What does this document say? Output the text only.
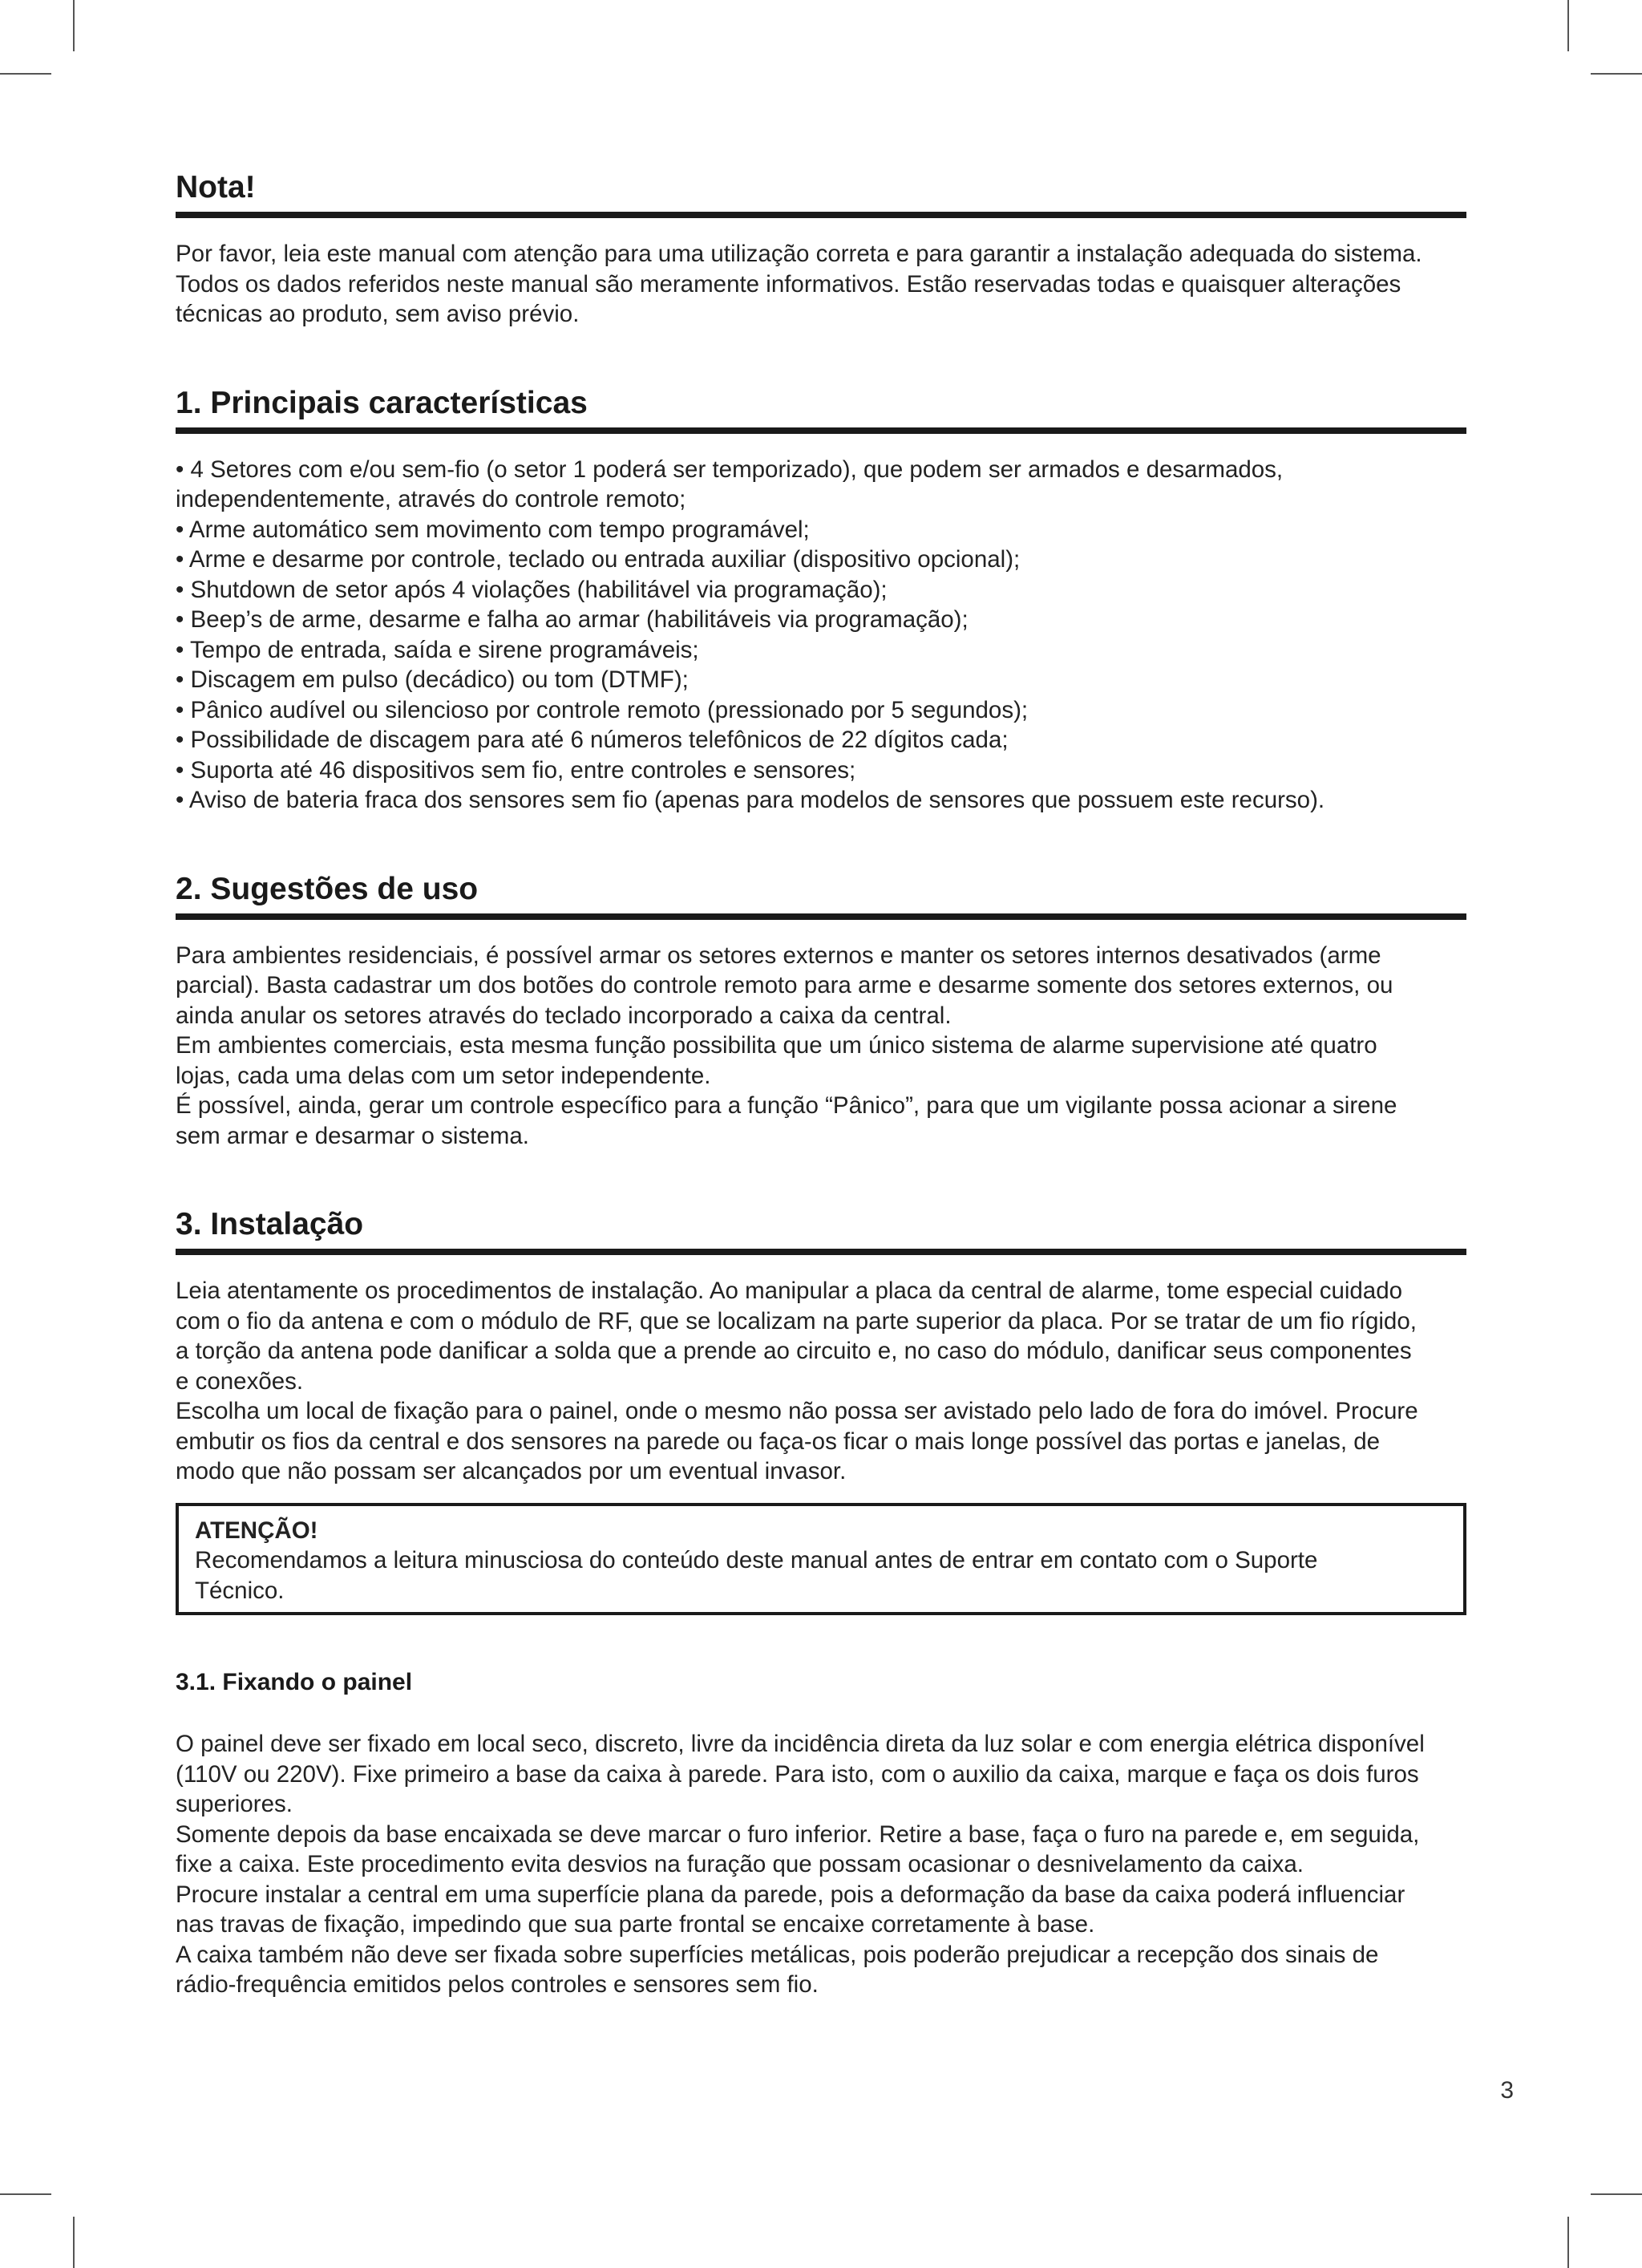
Nota!

Por favor, leia este manual com atenção para uma utilização correta e para garantir a instalação adequada do sistema.

Todos os dados referidos neste manual são meramente informativos. Estão reservadas todas e quaisquer alterações

técnicas ao produto, sem aviso prévio.

1. Principais características

• 4 Setores com e/ou sem-fio (o setor 1 poderá ser temporizado), que podem ser armados e desarmados,

independentemente, através do controle remoto;

• Arme automático sem movimento com tempo programável;

• Arme e desarme por controle, teclado ou entrada auxiliar (dispositivo opcional);

• Shutdown de setor após 4 violações (habilitável via programação);

• Beep’s de arme, desarme e falha ao armar (habilitáveis via programação);

• Tempo de entrada, saída e sirene programáveis;

• Discagem em pulso (decádico) ou tom (DTMF);

• Pânico audível ou silencioso por controle remoto (pressionado por 5 segundos);

• Possibilidade de discagem para até 6 números telefônicos de 22 dígitos cada;

• Suporta até 46 dispositivos sem fio, entre controles e sensores;

• Aviso de bateria fraca dos sensores sem fio (apenas para modelos de sensores que possuem este recurso).

2. Sugestões de uso

Para ambientes residenciais, é possível armar os setores externos e manter os setores internos desativados (arme

parcial). Basta cadastrar um dos botões do controle remoto para arme e desarme somente dos setores externos, ou

ainda anular os setores através do teclado incorporado a caixa da central.

Em ambientes comerciais, esta mesma função possibilita que um único sistema de alarme supervisione até quatro

lojas, cada uma delas com um setor independente.

É possível, ainda, gerar um controle específico para a função “Pânico”, para que um vigilante possa acionar a sirene

sem armar e desarmar o sistema.

3. Instalação

Leia atentamente os procedimentos de instalação. Ao manipular a placa da central de alarme, tome especial cuidado

com o fio da antena e com o módulo de RF, que se localizam na parte superior da placa. Por se tratar de um fio rígido,

a torção da antena pode danificar a solda que a prende ao circuito e, no caso do módulo, danificar seus componentes

e conexões.

Escolha um local de fixação para o painel, onde o mesmo não possa ser avistado pelo lado de fora do imóvel. Procure

embutir os fios da central e dos sensores na parede ou faça-os ficar o mais longe possível das portas e janelas, de

modo que não possam ser alcançados por um eventual invasor.

ATENÇÃO!

Recomendamos a leitura minusciosa do conteúdo deste manual antes de entrar em contato com o Suporte

Técnico.

3.1. Fixando o painel

O painel deve ser fixado em local seco, discreto, livre da incidência direta da luz solar e com energia elétrica disponível

(110V ou 220V). Fixe primeiro a base da caixa à parede. Para isto, com o auxilio da caixa, marque e faça os dois furos

superiores.

Somente depois da base encaixada se deve marcar o furo inferior. Retire a base, faça o furo na parede e, em seguida,

fixe a caixa. Este procedimento evita desvios na furação que possam ocasionar o desnivelamento da caixa.

Procure instalar a central em uma superfície plana da parede, pois a deformação da base da caixa poderá influenciar

nas travas de fixação, impedindo que sua parte frontal se encaixe corretamente à base.

A caixa também não deve ser fixada sobre superfícies metálicas, pois poderão prejudicar a recepção dos sinais de

rádio-frequência emitidos pelos controles e sensores sem fio.

3
